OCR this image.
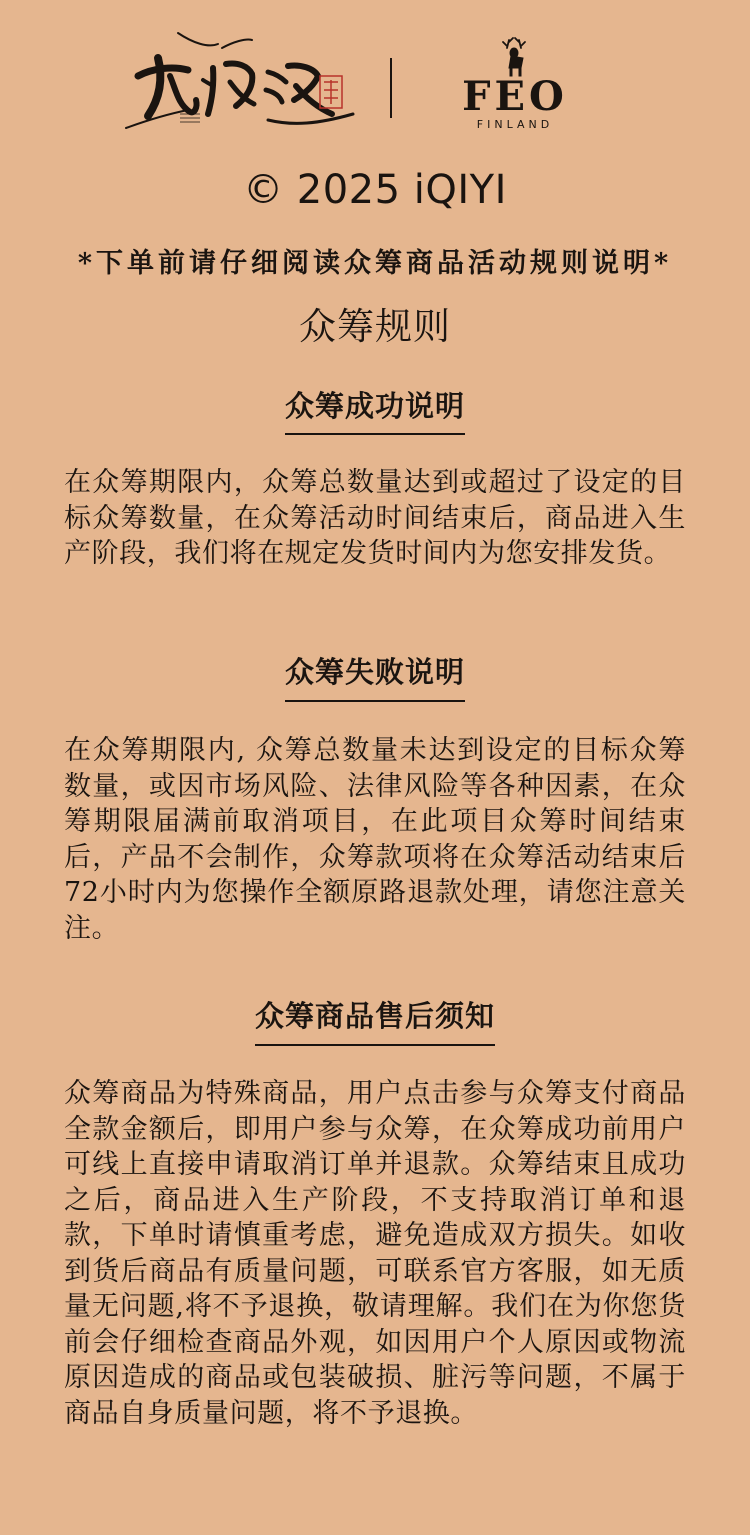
FEO
FINLAND
© 2025 iQIYI
*下单前请仔细阅读众筹商品活动规则说明*
众筹规则
众筹成功说明

在众筹期限内，众筹总数量达到或超过了设定的目标众筹数量，在众筹活动时间结束后，商品进入生产阶段，我们将在规定发货时间内为您安排发货。

众筹失败说明

在众筹期限内, 众筹总数量未达到设定的目标众筹数量，或因市场风险、法律风险等各种因素，在众筹期限届满前取消项目，在此项目众筹时间结束后，产品不会制作，众筹款项将在众筹活动结束后72小时内为您操作全额原路退款处理，请您注意关注。

众筹商品售后须知

众筹商品为特殊商品，用户点击参与众筹支付商品全款金额后，即用户参与众筹，在众筹成功前用户可线上直接申请取消订单并退款。众筹结束且成功之后，商品进入生产阶段，不支持取消订单和退款，下单时请慎重考虑，避免造成双方损失。如收到货后商品有质量问题，可联系官方客服，如无质量无问题,将不予退换，敬请理解。我们在为你您货前会仔细检查商品外观，如因用户个人原因或物流原因造成的商品或包装破损、脏污等问题，不属于商品自身质量问题，将不予退换。
